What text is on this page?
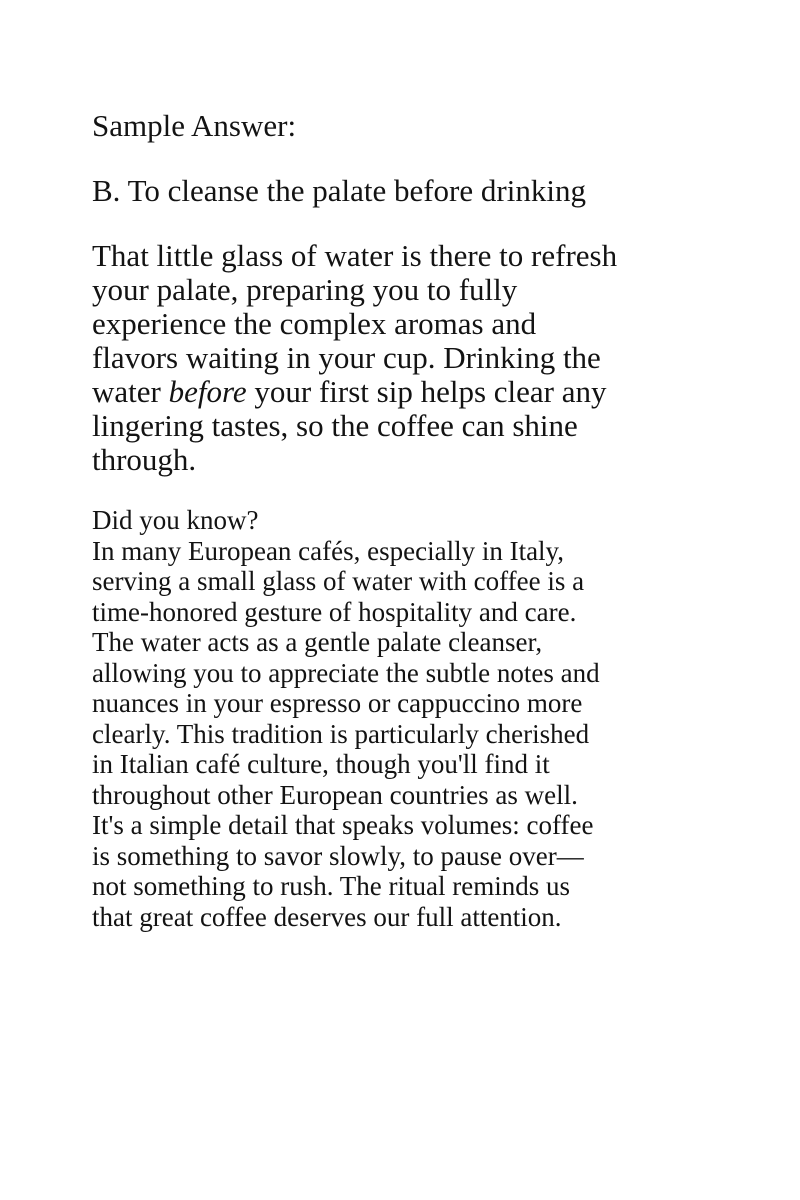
Sample Answer:
B. To cleanse the palate before drinking
That little glass of water is there to refresh
your palate, preparing you to fully
experience the complex aromas and
flavors waiting in your cup. Drinking the
water before your first sip helps clear any
lingering tastes, so the coffee can shine
through.
Did you know?
In many European cafés, especially in Italy,
serving a small glass of water with coffee is a
time-honored gesture of hospitality and care.
The water acts as a gentle palate cleanser,
allowing you to appreciate the subtle notes and
nuances in your espresso or cappuccino more
clearly. This tradition is particularly cherished
in Italian café culture, though you'll find it
throughout other European countries as well.
It's a simple detail that speaks volumes: coffee
is something to savor slowly, to pause over—
not something to rush. The ritual reminds us
that great coffee deserves our full attention.
